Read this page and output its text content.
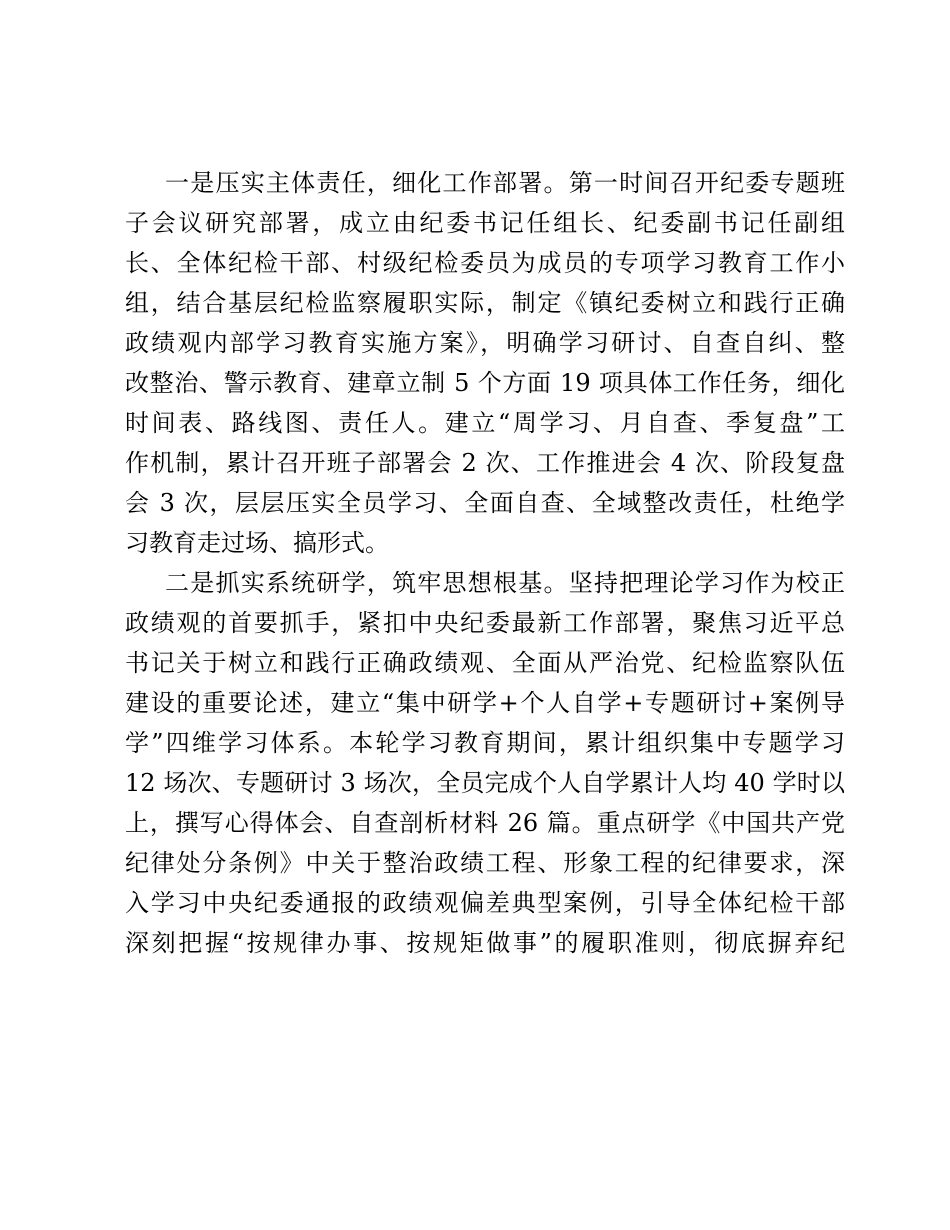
一是压实主体责任，细化工作部署。第一时间召开纪委专题班
子会议研究部署，成立由纪委书记任组长、纪委副书记任副组
长、全体纪检干部、村级纪检委员为成员的专项学习教育工作小
组，结合基层纪检监察履职实际，制定《镇纪委树立和践行正确
政绩观内部学习教育实施方案》，明确学习研讨、自查自纠、整
改整治、警示教育、建章立制 5 个方面 19 项具体工作任务，细化
时间表、路线图、责任人。建立“周学习、月自查、季复盘”工
作机制，累计召开班子部署会 2 次、工作推进会 4 次、阶段复盘
会 3 次，层层压实全员学习、全面自查、全域整改责任，杜绝学
习教育走过场、搞形式。
二是抓实系统研学，筑牢思想根基。坚持把理论学习作为校正
政绩观的首要抓手，紧扣中央纪委最新工作部署，聚焦习近平总
书记关于树立和践行正确政绩观、全面从严治党、纪检监察队伍
建设的重要论述，建立“集中研学+个人自学+专题研讨+案例导
学”四维学习体系。本轮学习教育期间，累计组织集中专题学习
12 场次、专题研讨 3 场次，全员完成个人自学累计人均 40 学时以
上，撰写心得体会、自查剖析材料 26 篇。重点研学《中国共产党
纪律处分条例》中关于整治政绩工程、形象工程的纪律要求，深
入学习中央纪委通报的政绩观偏差典型案例，引导全体纪检干部
深刻把握“按规律办事、按规矩做事”的履职准则，彻底摒弃纪
